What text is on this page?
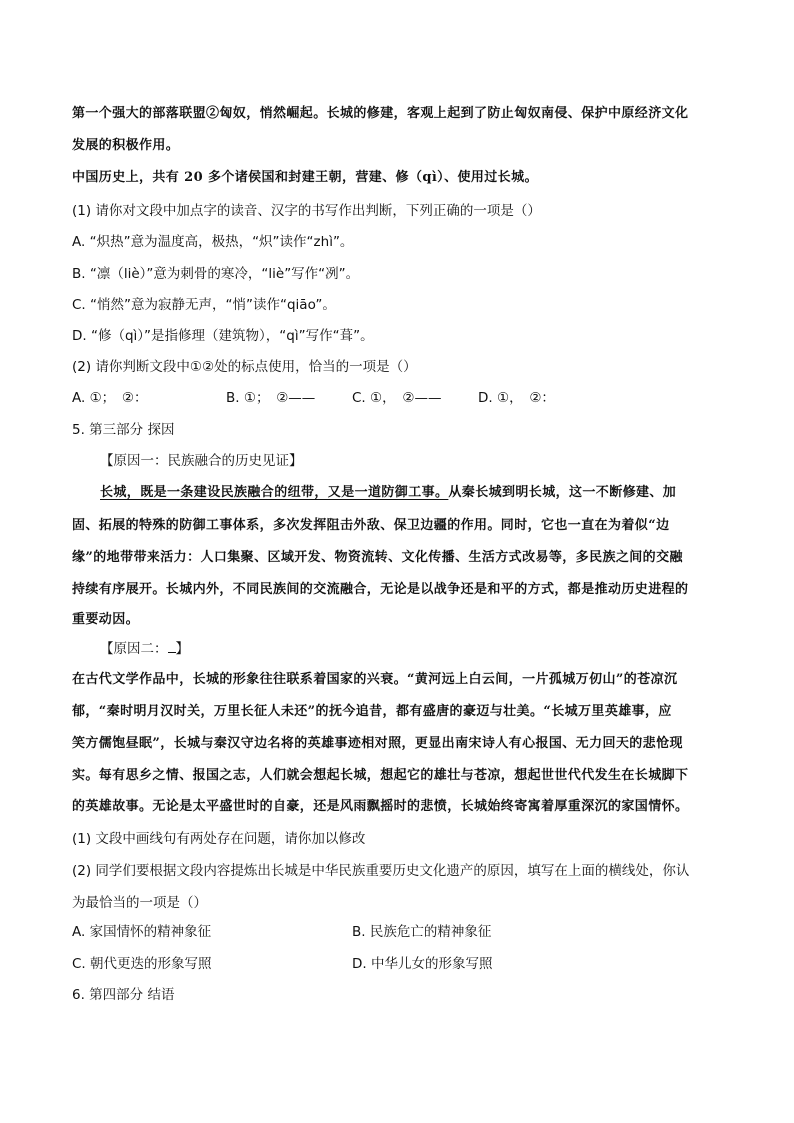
第一个强大的部落联盟②匈奴，悄然崛起。长城的修建，客观上起到了防止匈奴南侵、保护中原经济文化
发展的积极作用。
中国历史上，共有 20 多个诸侯国和封建王朝，营建、修（qì）、使用过长城。
(1) 请你对文段中加点字的读音、汉字的书写作出判断，下列正确的一项是（）
A. “炽热”意为温度高，极热，“炽”读作“zhì”。
B. “凛（liè）”意为刺骨的寒冷，“liè”写作“冽”。
C. “悄然”意为寂静无声，“悄”读作“qiāo”。
D. “修（qì）”是指修理（建筑物），“qì”写作“葺”。
(2) 请你判断文段中①②处的标点使用，恰当的一项是（）
A. ①；　②：	B. ①；　②——	C. ①，　②——	D. ①，　②：
5. 第三部分 探因
【原因一：民族融合的历史见证】
长城，既是一条建设民族融合的纽带，又是一道防御工事。从秦长城到明长城，这一不断修建、加
固、拓展的特殊的防御工事体系，多次发挥阻击外敌、保卫边疆的作用。同时，它也一直在为着似“边
缘”的地带带来活力：人口集聚、区域开发、物资流转、文化传播、生活方式改易等，多民族之间的交融
持续有序展开。长城内外，不同民族间的交流融合，无论是以战争还是和平的方式，都是推动历史进程的
重要动因。
【原因二： 】
在古代文学作品中，长城的形象往往联系着国家的兴衰。“黄河远上白云间，一片孤城万仞山”的苍凉沉
郁，“秦时明月汉时关，万里长征人未还”的抚今追昔，都有盛唐的豪迈与壮美。“长城万里英雄事，应
笑方儒饱昼眠”，长城与秦汉守边名将的英雄事迹相对照，更显出南宋诗人有心报国、无力回天的悲怆现
实。每有思乡之情、报国之志，人们就会想起长城，想起它的雄壮与苍凉，想起世世代代发生在长城脚下
的英雄故事。无论是太平盛世时的自豪，还是风雨飘摇时的悲愤，长城始终寄寓着厚重深沉的家国情怀。
(1) 文段中画线句有两处存在问题，请你加以修改
(2) 同学们要根据文段内容提炼出长城是中华民族重要历史文化遗产的原因，填写在上面的横线处，你认
为最恰当的一项是（）
A. 家国情怀的精神象征	B. 民族危亡的精神象征
C. 朝代更迭的形象写照	D. 中华儿女的形象写照
6. 第四部分 结语
